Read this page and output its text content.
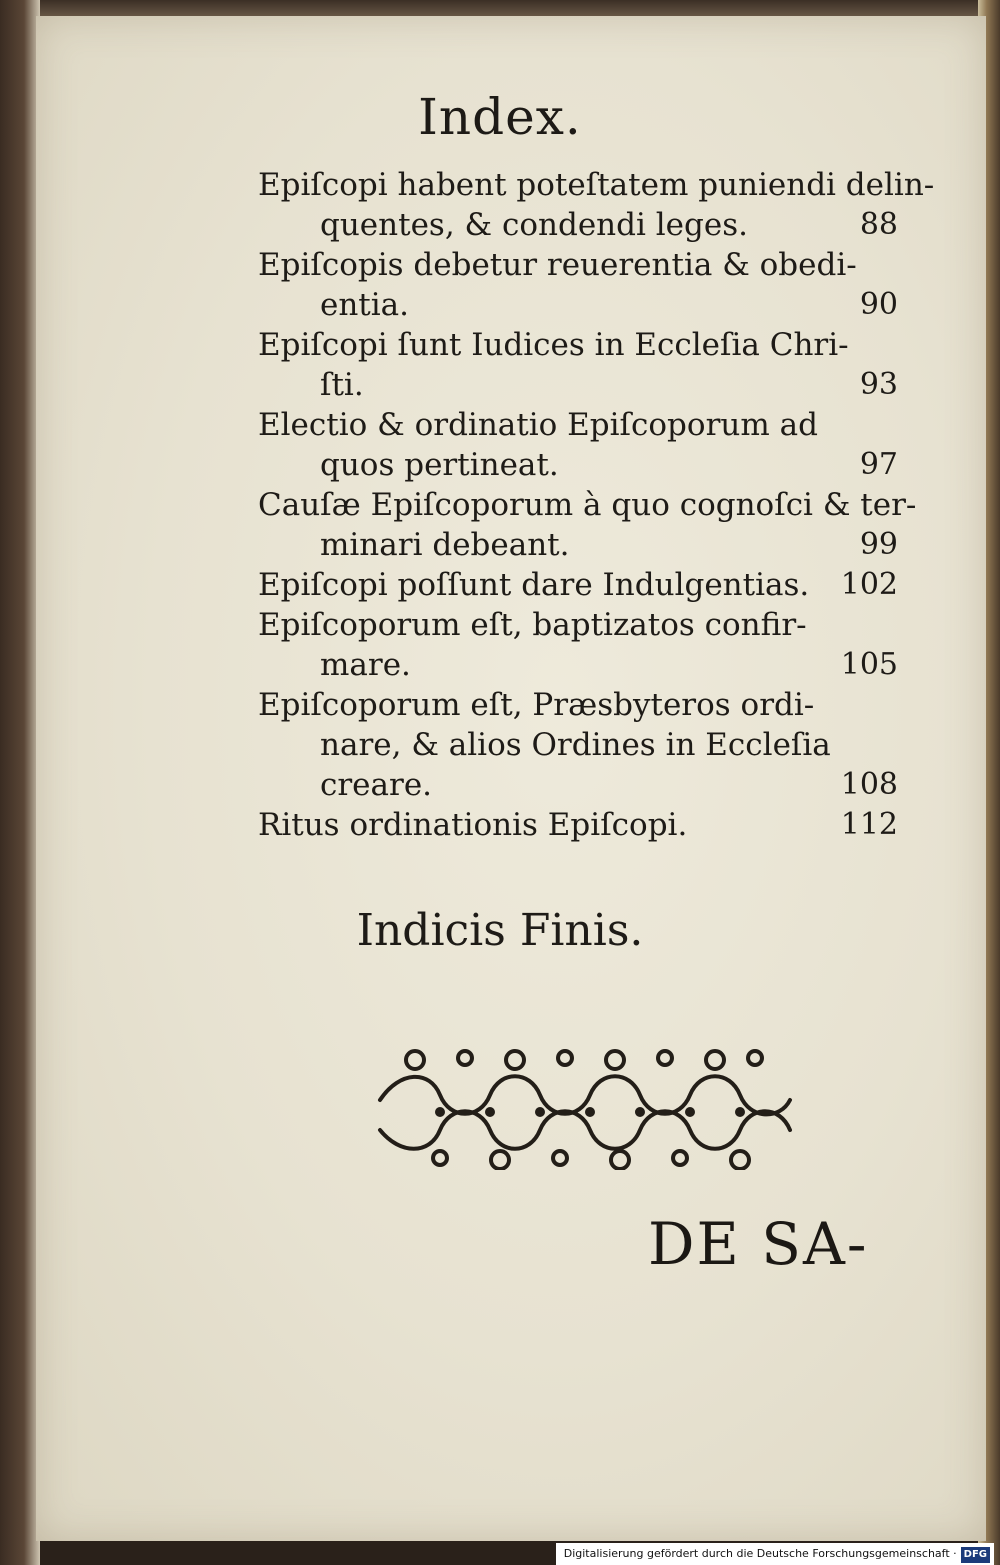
Index.
Epiſcopi habent poteſtatem puniendi delin-
quentes, & condendi leges.	88
Epiſcopis debetur reuerentia & obedi-
entia.	90
Epiſcopi ſunt Iudices in Eccleſia Chri-
ſti.	93
Electio & ordinatio Epiſcoporum ad
quos pertineat.	97
Cauſæ Epiſcoporum à quo cognoſci & ter-
minari debeant.	99
Epiſcopi poſſunt dare Indulgentias.	102
Epiſcoporum eſt, baptizatos confir-
mare.	105
Epiſcoporum eſt, Præsbyteros ordi-
nare, & alios Ordines in Eccleſia
creare.	108
Ritus ordinationis Epiſcopi.	112
Indicis Finis.
DE SA-
Digitalisierung gefördert durch die Deutsche Forschungsgemeinschaft · DFG
